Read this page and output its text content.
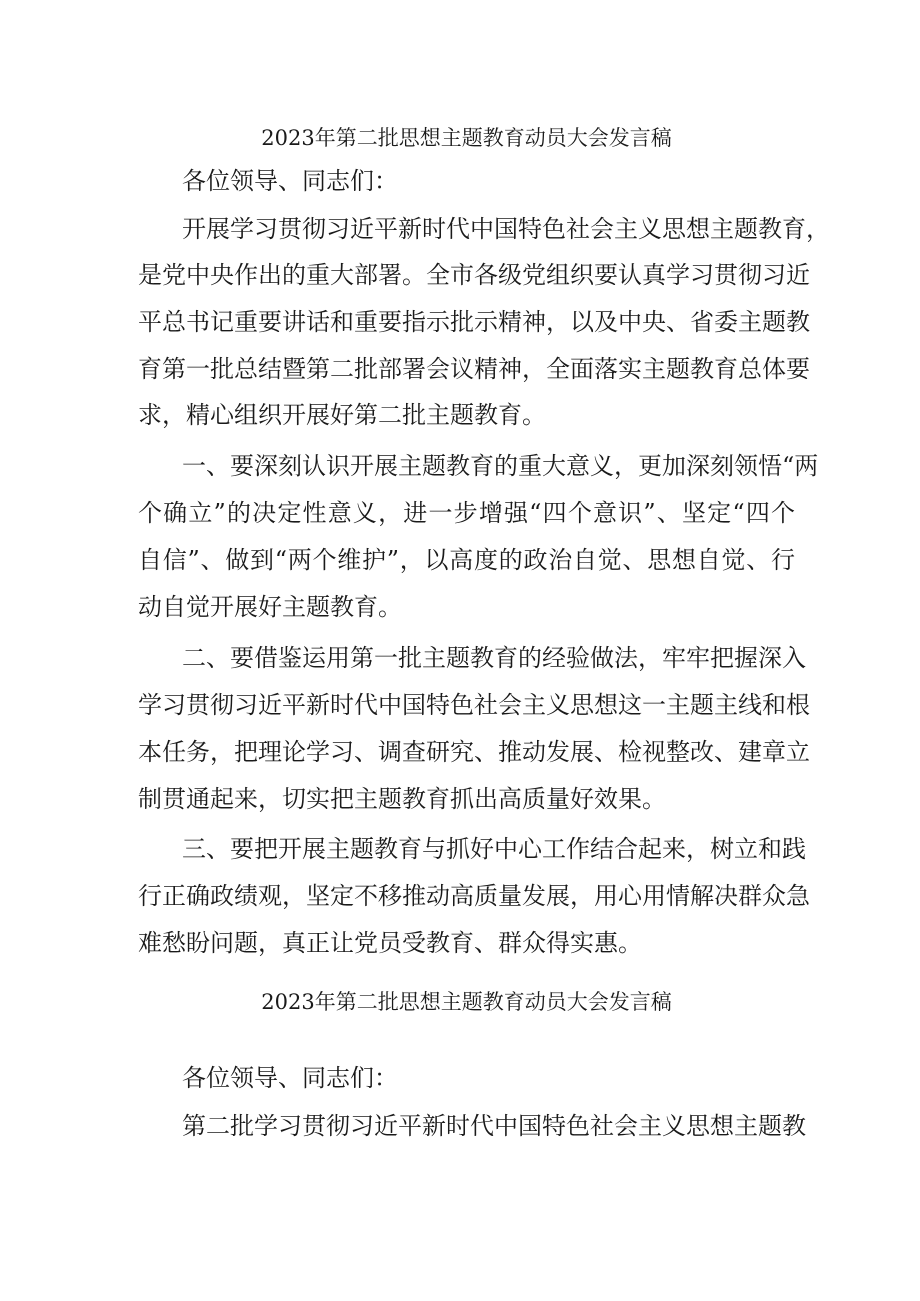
2023年第二批思想主题教育动员大会发言稿
各位领导、同志们：
开展学习贯彻习近平新时代中国特色社会主义思想主题教育，
是党中央作出的重大部署。全市各级党组织要认真学习贯彻习近
平总书记重要讲话和重要指示批示精神，以及中央、省委主题教
育第一批总结暨第二批部署会议精神，全面落实主题教育总体要
求，精心组织开展好第二批主题教育。
一、要深刻认识开展主题教育的重大意义，更加深刻领悟“两
个确立”的决定性意义，进一步增强“四个意识”、坚定“四个
自信”、做到“两个维护”，以高度的政治自觉、思想自觉、行
动自觉开展好主题教育。
二、要借鉴运用第一批主题教育的经验做法，牢牢把握深入
学习贯彻习近平新时代中国特色社会主义思想这一主题主线和根
本任务，把理论学习、调查研究、推动发展、检视整改、建章立
制贯通起来，切实把主题教育抓出高质量好效果。
三、要把开展主题教育与抓好中心工作结合起来，树立和践
行正确政绩观，坚定不移推动高质量发展，用心用情解决群众急
难愁盼问题，真正让党员受教育、群众得实惠。
2023年第二批思想主题教育动员大会发言稿
各位领导、同志们：
第二批学习贯彻习近平新时代中国特色社会主义思想主题教
